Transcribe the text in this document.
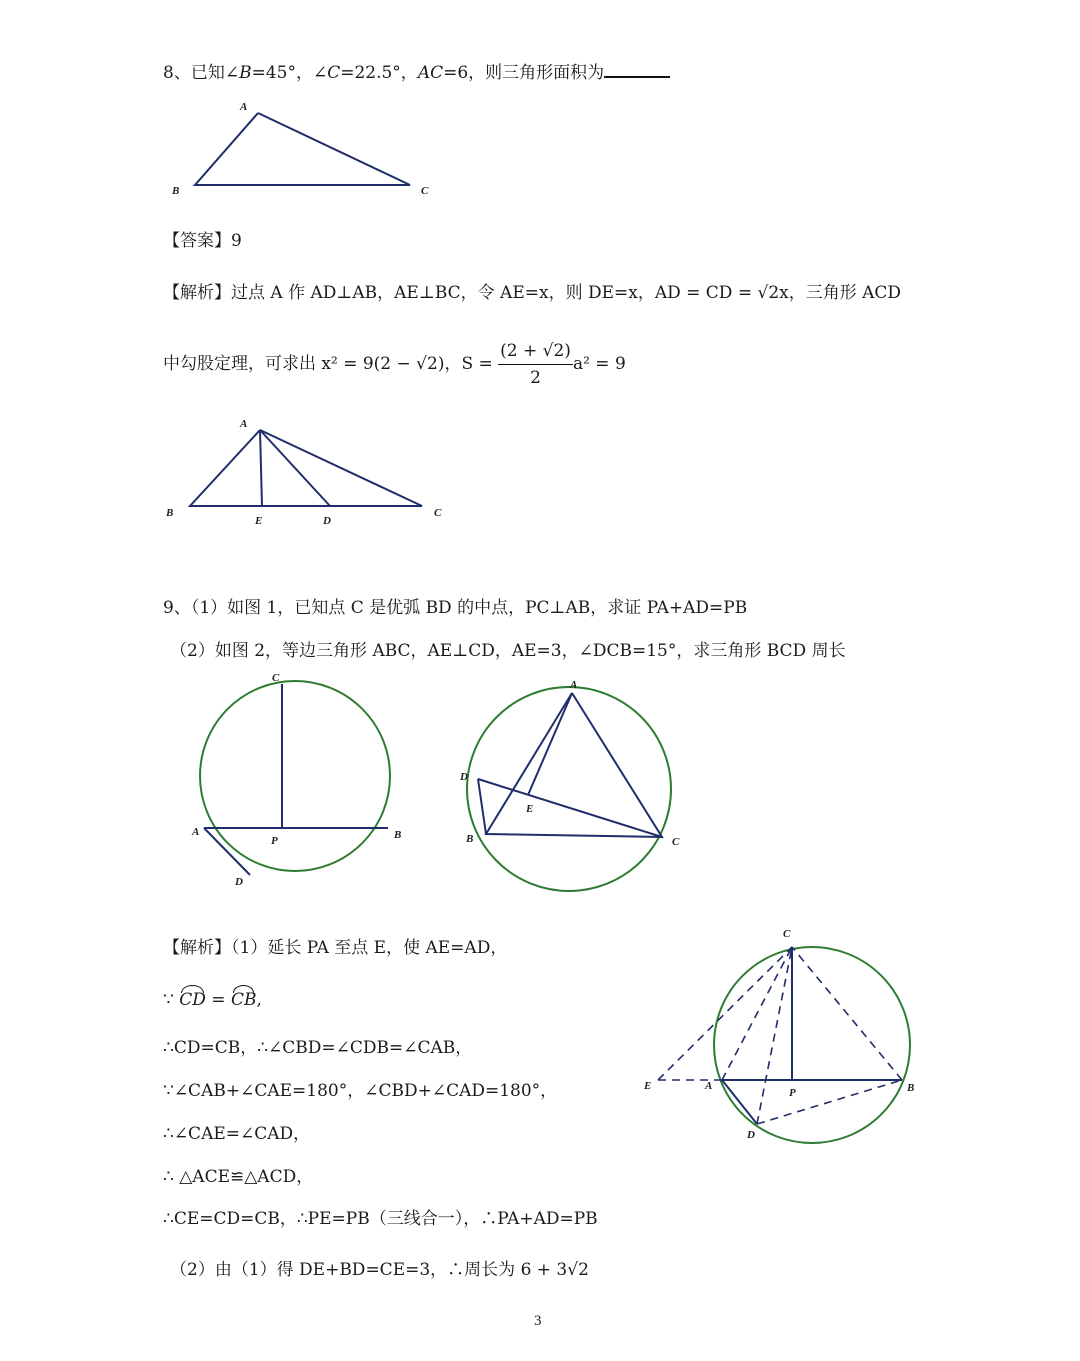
8、已知∠B=45°，∠C=22.5°，AC=6，则三角形面积为
A
B	C
【答案】9
【解析】过点 A 作 AD⊥AB，AE⊥BC，令 AE=x，则 DE=x，AD = CD = √2x，三角形 ACD
中勾股定理，可求出 x² = 9(2 − √2)，$S = \frac{(2 + √2)}{2} a^2 = 9$
A
B
E	D
C
9、（1）如图 1，已知点 C 是优弧 BD 的中点，PC⊥AB，求证 PA+AD=PB
（2）如图 2，等边三角形 ABC，AE⊥CD，AE=3，∠DCB=15°，求三角形 BCD 周长
C
A
P	B
D
A
D
E
B	C
【解析】（1）延长 PA 至点 E，使 AE=AD，
∵ CD = CB,
∴CD=CB，∴∠CBD=∠CDB=∠CAB，
∵∠CAB+∠CAE=180°，∠CBD+∠CAD=180°，
∴∠CAE=∠CAD，
∴ △ACE≌△ACD，
∴CE=CD=CB，∴PE=PB（三线合一），∴PA+AD=PB
（2）由（1）得 DE+BD=CE=3，∴周长为 6 + 3√2
C
E	A
P	B
D
3
